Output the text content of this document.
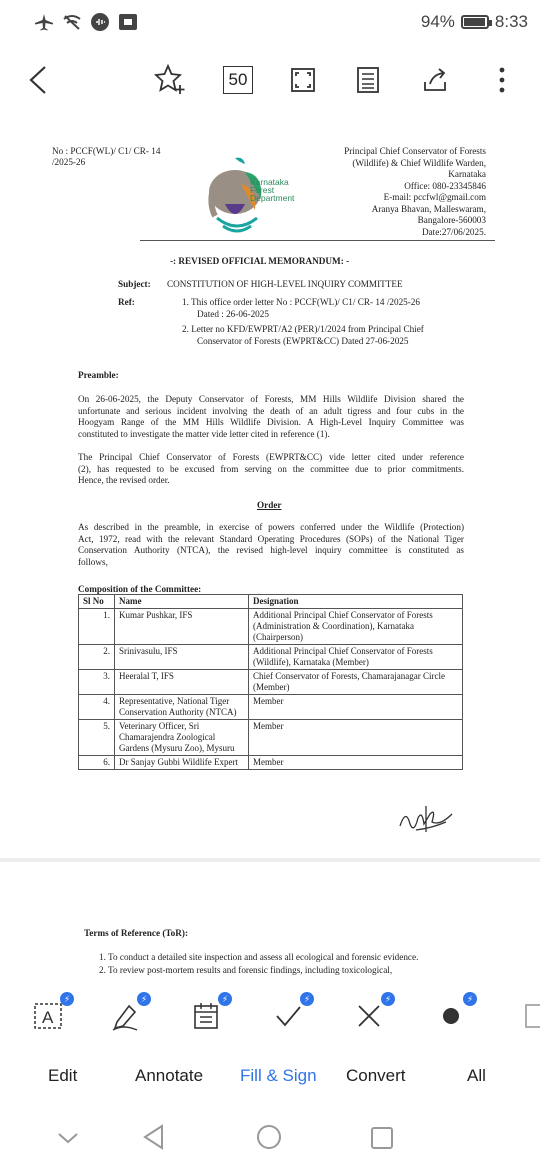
94% 8:33
50
No : PCCF(WL)/ C1/ CR- 14
/2025-26
Karnataka
Forest
Department
Principal Chief Conservator of Forests
(Wildlife) & Chief Wildlife Warden,
Karnataka
Office: 080-23345846
E-mail: pccfwl@gmail.com
Aranya Bhavan, Malleswaram,
Bangalore-560003
Date:27/06/2025.
-: REVISED OFFICIAL MEMORANDUM: -
Subject: CONSTITUTION OF HIGH-LEVEL INQUIRY COMMITTEE
Ref:	1. This office order letter No : PCCF(WL)/ C1/ CR- 14 /2025-26
Dated : 26-06-2025
2. Letter no KFD/EWPRT/A2 (PER)/1/2024 from Principal Chief
Conservator of Forests (EWPRT&CC) Dated 27-06-2025
Preamble:
On 26-06-2025, the Deputy Conservator of Forests, MM Hills Wildlife Division shared the
unfortunate and serious incident involving the death of an adult tigress and four cubs in the
Hoogyam Range of the MM Hills Wildlife Division. A High-Level Inquiry Committee was
constituted to investigate the matter vide letter cited in reference (1).
The Principal Chief Conservator of Forests (EWPRT&CC) vide letter cited under reference
(2), has requested to be excused from serving on the committee due to prior commitments.
Hence, the revised order.
Order
As described in the preamble, in exercise of powers conferred under the Wildlife (Protection)
Act, 1972, read with the relevant Standard Operating Procedures (SOPs) of the National Tiger
Conservation Authority (NTCA), the revised high-level inquiry committee is constituted as
follows,
Composition of the Committee:
Sl No	Name	Designation
1.	Kumar Pushkar, IFS	Additional Principal Chief Conservator of Forests (Administration & Coordination), Karnataka (Chairperson)
2.	Srinivasulu, IFS	Additional Principal Chief Conservator of Forests (Wildlife), Karnataka (Member)
3.	Heeralal T, IFS	Chief Conservator of Forests, Chamarajanagar Circle (Member)
4.	Representative, National Tiger Conservation Authority (NTCA)	Member
5.	Veterinary Officer, Sri Chamarajendra Zoological Gardens (Mysuru Zoo), Mysuru	Member
6.	Dr Sanjay Gubbi Wildlife Expert	Member
Terms of Reference (ToR):
1. To conduct a detailed site inspection and assess all ecological and forensic evidence.
2. To review post-mortem results and forensic findings, including toxicological,
A
⚡	⚡	⚡	⚡	⚡	⚡
Edit	Annotate Fill & Sign Convert	All
